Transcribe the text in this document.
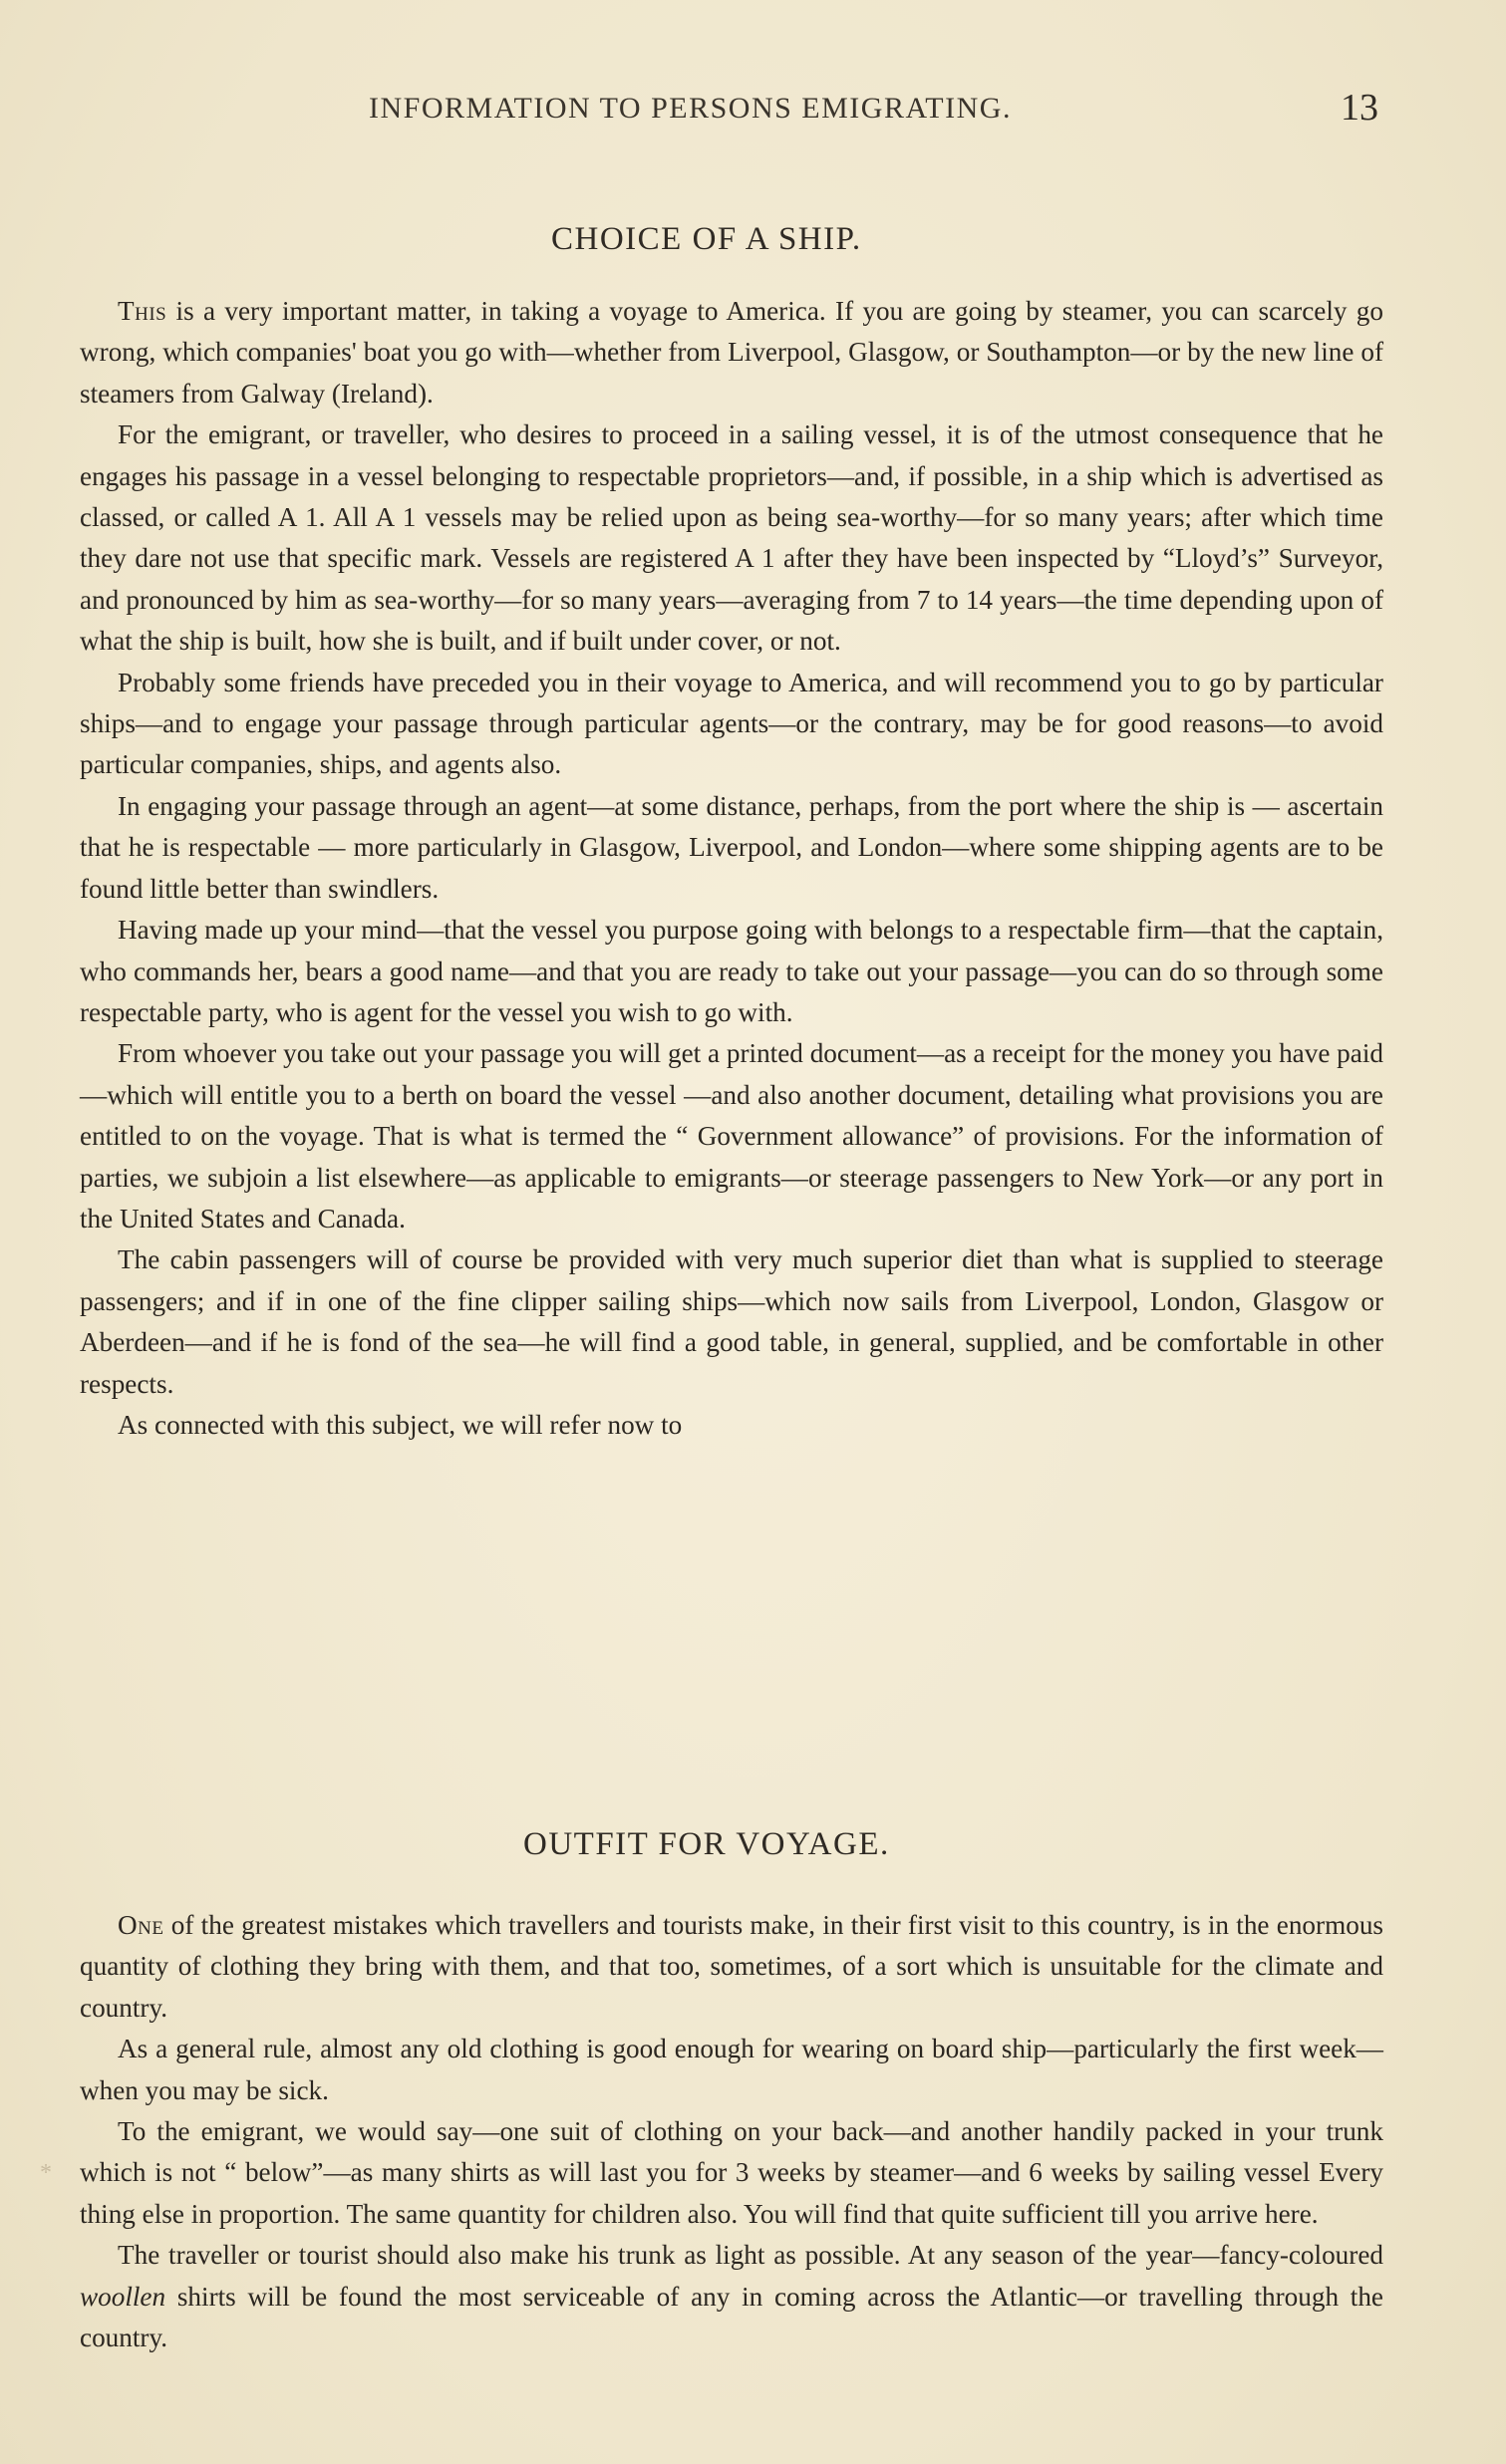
INFORMATION TO PERSONS EMIGRATING.	13
CHOICE OF A SHIP.

This is a very important matter, in taking a voyage to America. If you are going by steamer, you can scarcely go wrong, which companies' boat you go with—whether from Liverpool, Glasgow, or Southampton—or by the new line of steamers from Galway (Ireland).

For the emigrant, or traveller, who desires to proceed in a sailing vessel, it is of the utmost consequence that he engages his passage in a vessel belonging to respectable proprietors—and, if possible, in a ship which is advertised as classed, or called A 1. All A 1 vessels may be relied upon as being sea-worthy—for so many years; after which time they dare not use that specific mark. Vessels are registered A 1 after they have been inspected by “Lloyd’s” Surveyor, and pronounced by him as sea-worthy—for so many years—averaging from 7 to 14 years—the time depending upon of what the ship is built, how she is built, and if built under cover, or not.

Probably some friends have preceded you in their voyage to America, and will recommend you to go by particular ships—and to engage your passage through particular agents—or the contrary, may be for good reasons—to avoid particular companies, ships, and agents also.

In engaging your passage through an agent—at some distance, perhaps, from the port where the ship is — ascertain that he is respectable — more particularly in Glasgow, Liverpool, and London—where some shipping agents are to be found little better than swindlers.

Having made up your mind—that the vessel you purpose going with belongs to a respectable firm—that the captain, who commands her, bears a good name—and that you are ready to take out your passage—you can do so through some respectable party, who is agent for the vessel you wish to go with.

From whoever you take out your passage you will get a printed document—as a receipt for the money you have paid—which will entitle you to a berth on board the vessel —and also another document, detailing what provisions you are entitled to on the voyage. That is what is termed the “ Government allowance” of provisions. For the information of parties, we subjoin a list elsewhere—as applicable to emigrants—or steerage passengers to New York—or any port in the United States and Canada.

The cabin passengers will of course be provided with very much superior diet than what is supplied to steerage passengers; and if in one of the fine clipper sailing ships—which now sails from Liverpool, London, Glasgow or Aberdeen—and if he is fond of the sea—he will find a good table, in general, supplied, and be comfortable in other respects.

As connected with this subject, we will refer now to

OUTFIT FOR VOYAGE.

One of the greatest mistakes which travellers and tourists make, in their first visit to this country, is in the enormous quantity of clothing they bring with them, and that too, sometimes, of a sort which is unsuitable for the climate and country.

As a general rule, almost any old clothing is good enough for wearing on board ship—particularly the first week—when you may be sick.

To the emigrant, we would say—one suit of clothing on your back—and another handily packed in your trunk which is not “ below”—as many shirts as will last you for 3 weeks by steamer—and 6 weeks by sailing vessel Every thing else in proportion. The same quantity for children also. You will find that quite sufficient till you arrive here.

The traveller or tourist should also make his trunk as light as possible. At any season of the year—fancy-coloured woollen shirts will be found the most serviceable of any in coming across the Atlantic—or travelling through the country.

*
